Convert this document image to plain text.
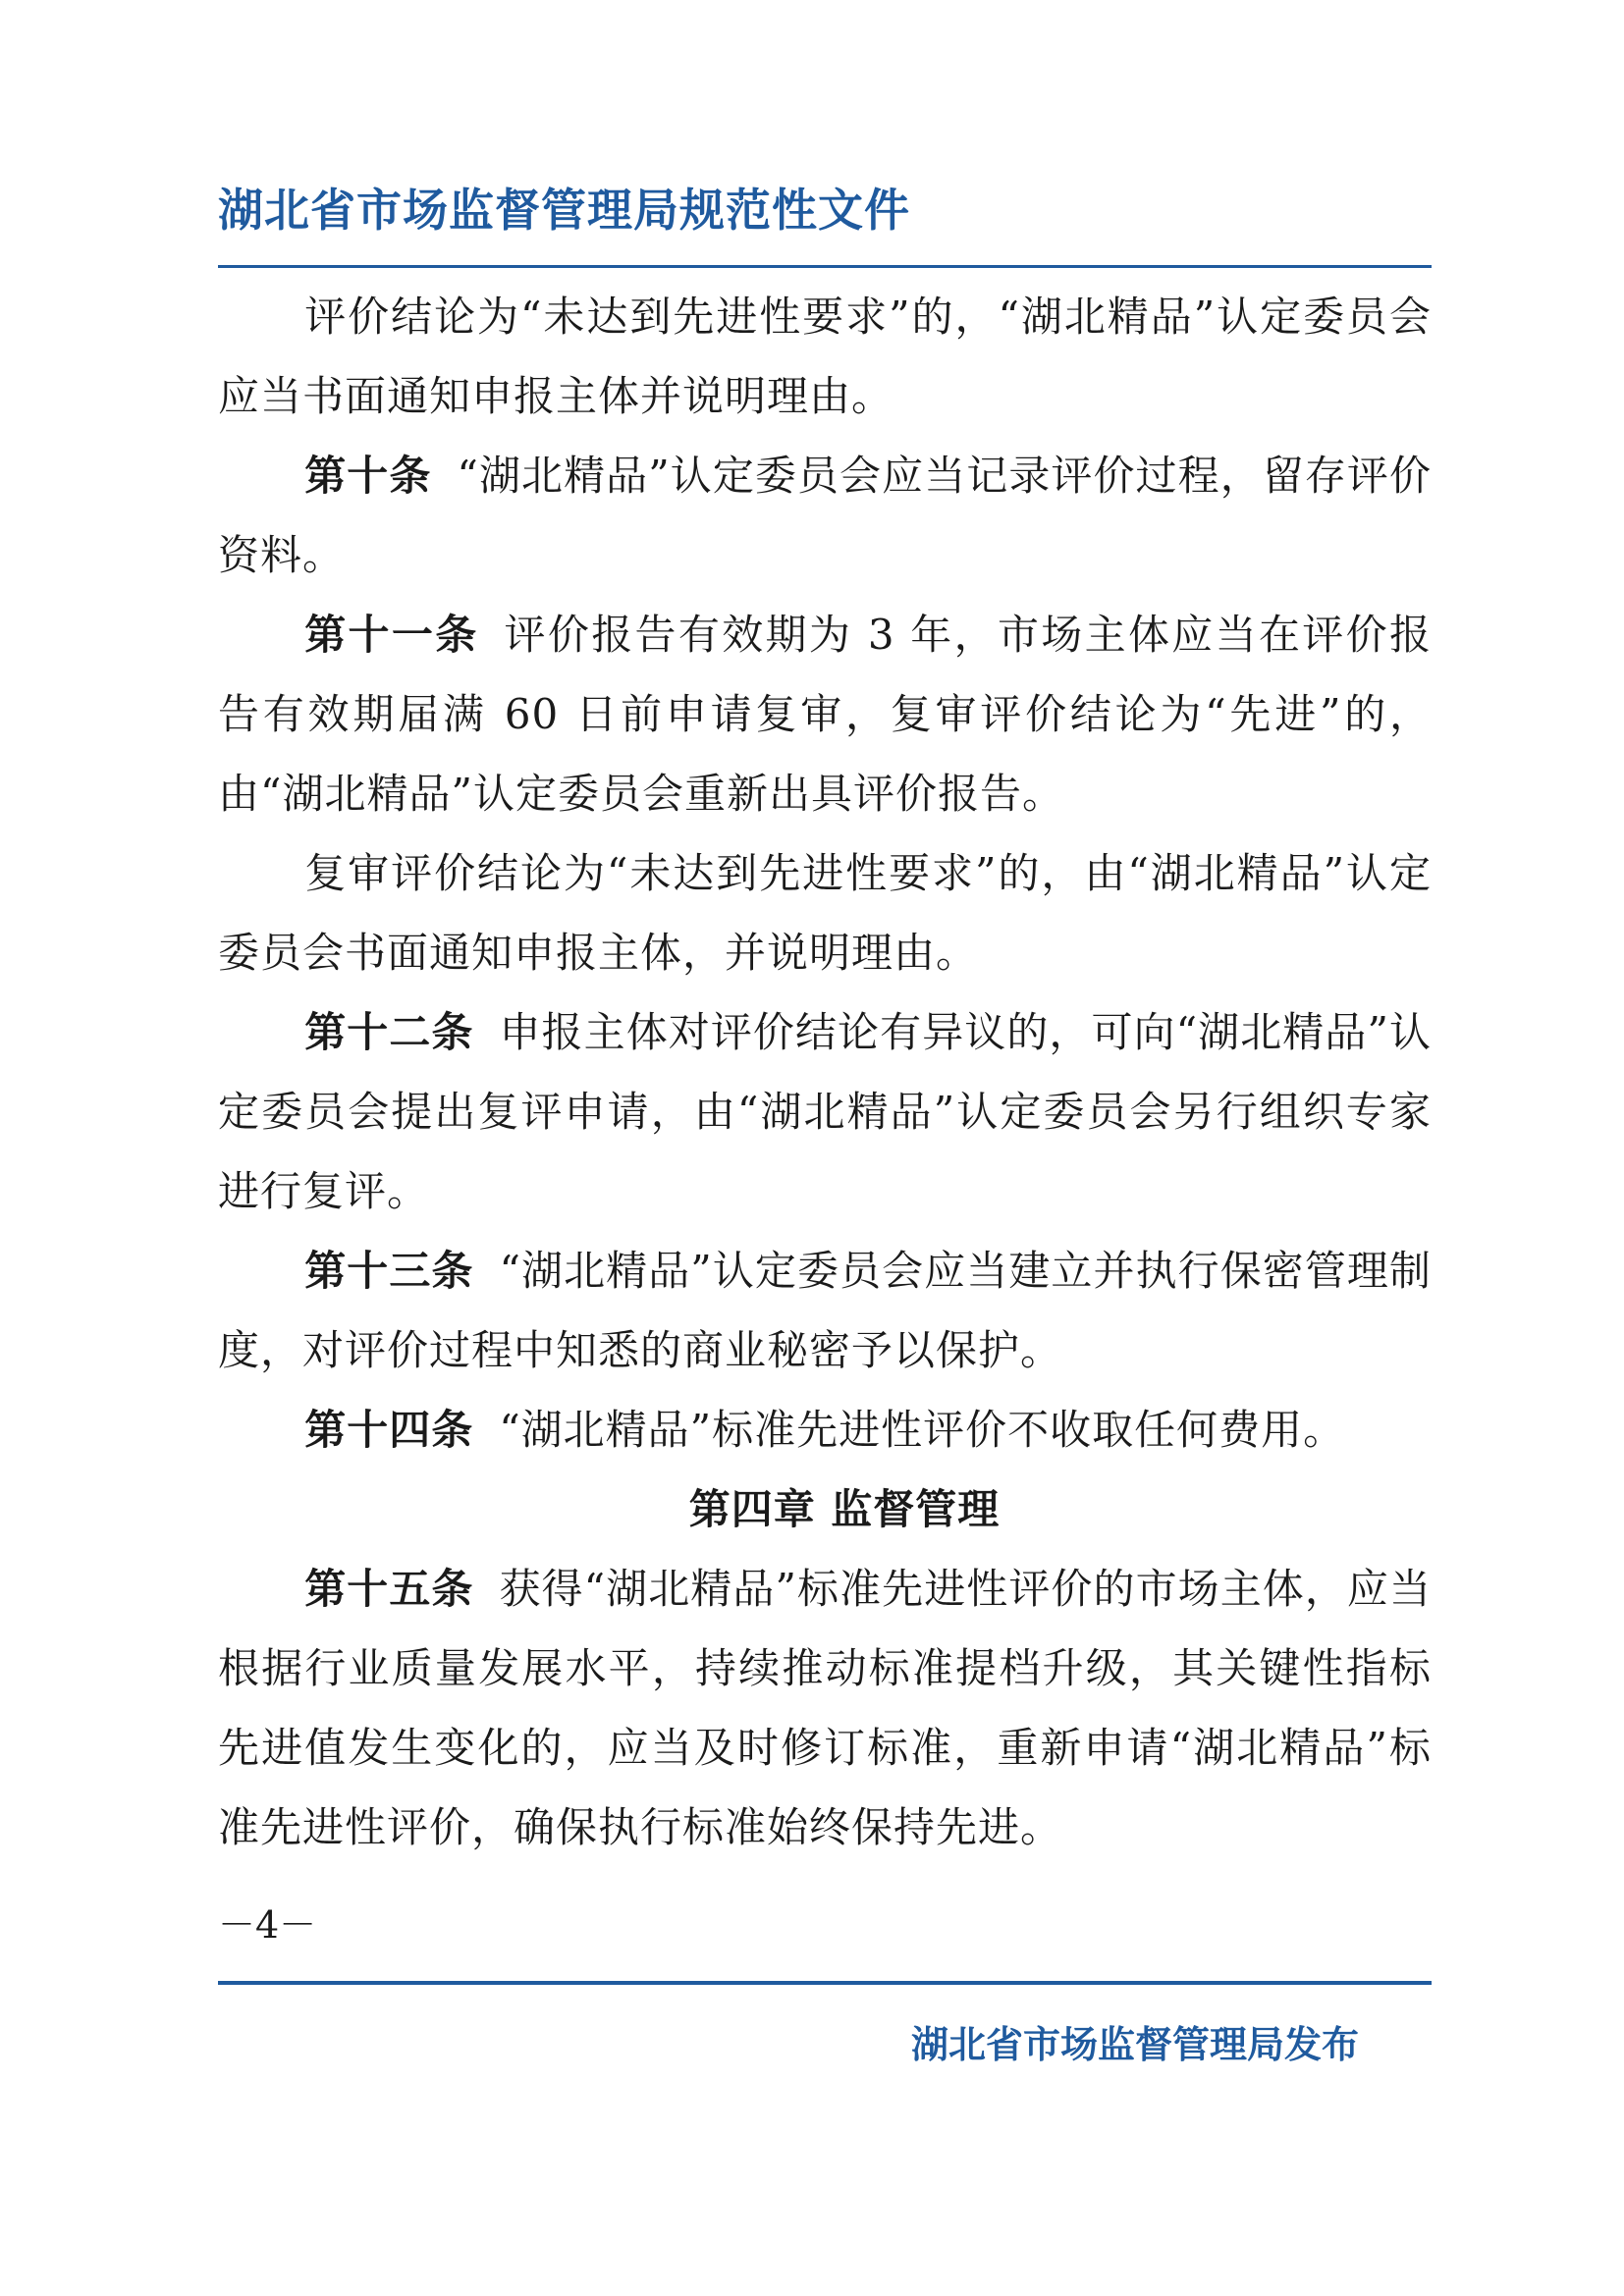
湖北省市场监督管理局规范性文件

评价结论为“未达到先进性要求”的，“湖北精品”认定委员会应当书面通知申报主体并说明理由。

第十条 “湖北精品”认定委员会应当记录评价过程，留存评价资料。

第十一条 评价报告有效期为 3 年，市场主体应当在评价报告有效期届满 60 日前申请复审，复审评价结论为“先进”的，由“湖北精品”认定委员会重新出具评价报告。

复审评价结论为“未达到先进性要求”的，由“湖北精品”认定委员会书面通知申报主体，并说明理由。

第十二条 申报主体对评价结论有异议的，可向“湖北精品”认定委员会提出复评申请，由“湖北精品”认定委员会另行组织专家进行复评。

第十三条 “湖北精品”认定委员会应当建立并执行保密管理制度，对评价过程中知悉的商业秘密予以保护。

第十四条 “湖北精品”标准先进性评价不收取任何费用。

第四章 监督管理

第十五条 获得“湖北精品”标准先进性评价的市场主体，应当根据行业质量发展水平，持续推动标准提档升级，其关键性指标先进值发生变化的，应当及时修订标准，重新申请“湖北精品”标准先进性评价，确保执行标准始终保持先进。

－4－
湖北省市场监督管理局发布
